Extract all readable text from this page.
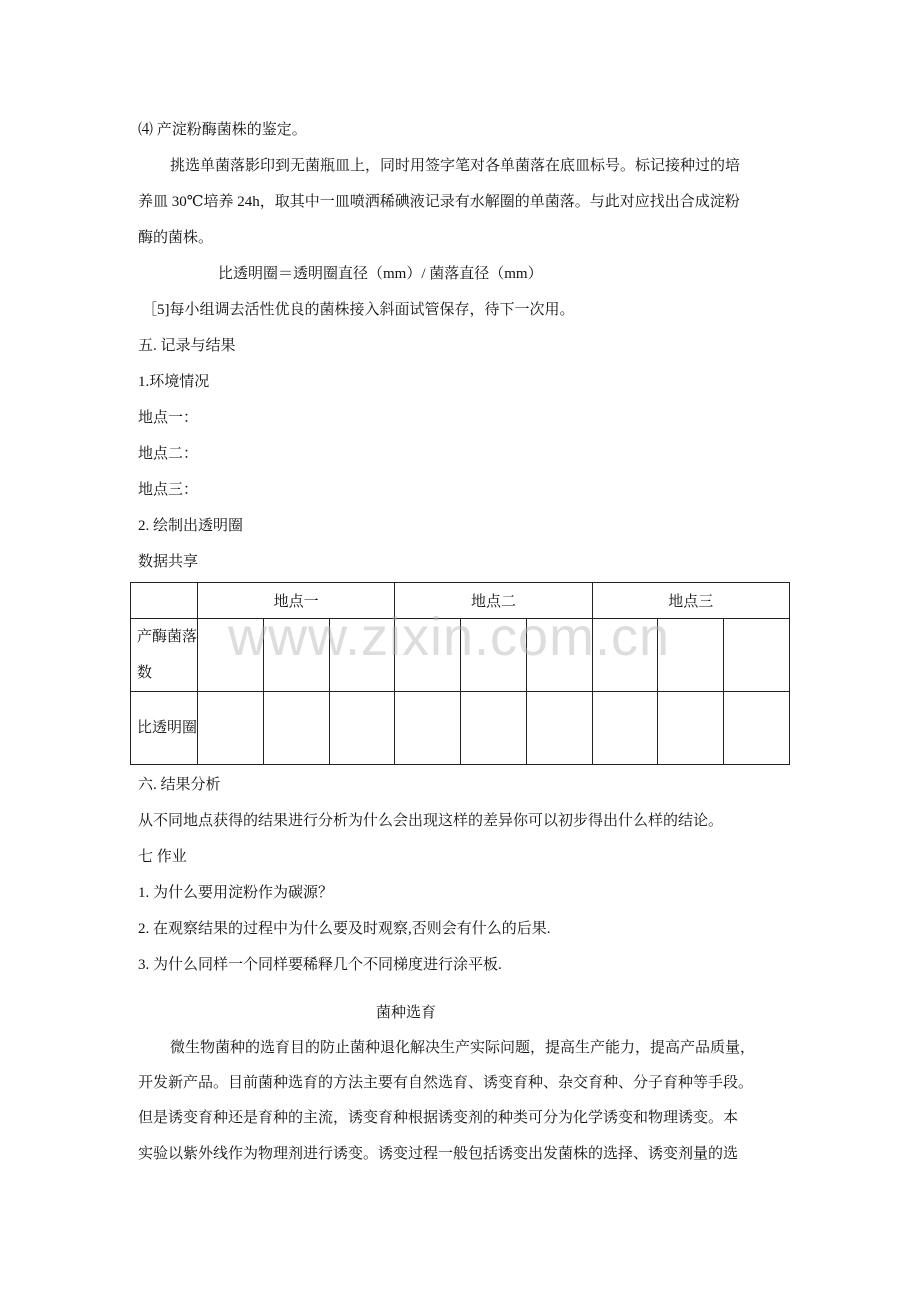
⑷ 产淀粉酶菌株的鉴定。
挑选单菌落影印到无菌瓶皿上，同时用签字笔对各单菌落在底皿标号。标记接种过的培
养皿 30℃培养 24h，取其中一皿喷洒稀碘液记录有水解圈的单菌落。与此对应找出合成淀粉
酶的菌株。
比透明圈＝透明圈直径（mm）/ 菌落直径（mm）
［5]每小组调去活性优良的菌株接入斜面试管保存，待下一次用。
五. 记录与结果
1.环境情况
地点一：
地点二：
地点三：
2. 绘制出透明圈
数据共享
	地点一			地点二			地点三		
产酶菌落数									
比透明圈									
www.zixin.com.cn
六. 结果分析
从不同地点获得的结果进行分析为什么会出现这样的差异你可以初步得出什么样的结论。
七 作业
1. 为什么要用淀粉作为碳源？
2. 在观察结果的过程中为什么要及时观察,否则会有什么的后果.
3. 为什么同样一个同样要稀释几个不同梯度进行涂平板.
菌种选育
微生物菌种的选育目的防止菌种退化解决生产实际问题，提高生产能力，提高产品质量，
开发新产品。目前菌种选育的方法主要有自然选育、诱变育种、杂交育种、分子育种等手段。
但是诱变育种还是育种的主流，诱变育种根据诱变剂的种类可分为化学诱变和物理诱变。本
实验以紫外线作为物理剂进行诱变。诱变过程一般包括诱变出发菌株的选择、诱变剂量的选
